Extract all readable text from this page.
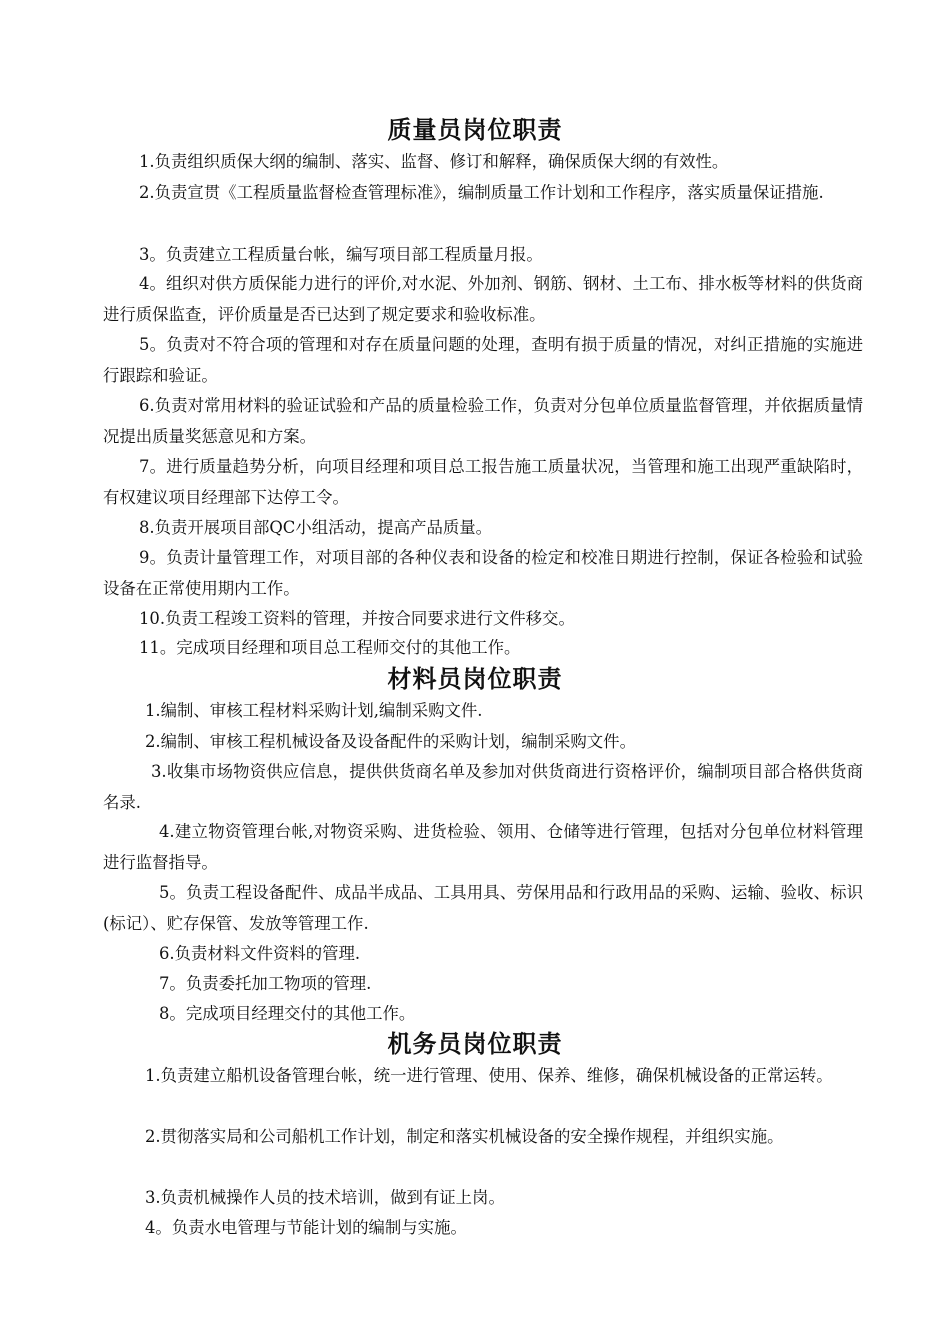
质量员岗位职责

1.负责组织质保大纲的编制、落实、监督、修订和解释，确保质保大纲的有效性。

2.负责宣贯《工程质量监督检查管理标准》，编制质量工作计划和工作程序，落实质量保证措施.

3。负责建立工程质量台帐，编写项目部工程质量月报。

4。组织对供方质保能力进行的评价,对水泥、外加剂、钢筋、钢材、土工布、排水板等材料的供货商进行质保监查，评价质量是否已达到了规定要求和验收标准。

5。负责对不符合项的管理和对存在质量问题的处理，查明有损于质量的情况，对纠正措施的实施进行跟踪和验证。

6.负责对常用材料的验证试验和产品的质量检验工作，负责对分包单位质量监督管理，并依据质量情况提出质量奖惩意见和方案。

7。进行质量趋势分析，向项目经理和项目总工报告施工质量状况，当管理和施工出现严重缺陷时，有权建议项目经理部下达停工令。

8.负责开展项目部QC小组活动，提高产品质量。

9。负责计量管理工作，对项目部的各种仪表和设备的检定和校准日期进行控制，保证各检验和试验设备在正常使用期内工作。

10.负责工程竣工资料的管理，并按合同要求进行文件移交。

11。完成项目经理和项目总工程师交付的其他工作。

材料员岗位职责

1.编制、审核工程材料采购计划,编制采购文件.

2.编制、审核工程机械设备及设备配件的采购计划，编制采购文件。

3.收集市场物资供应信息，提供供货商名单及参加对供货商进行资格评价，编制项目部合格供货商名录.

4.建立物资管理台帐,对物资采购、进货检验、领用、仓储等进行管理，包括对分包单位材料管理进行监督指导。

5。负责工程设备配件、成品半成品、工具用具、劳保用品和行政用品的采购、运输、验收、标识(标记）、贮存保管、发放等管理工作.

6.负责材料文件资料的管理.

7。负责委托加工物项的管理.

8。完成项目经理交付的其他工作。

机务员岗位职责

1.负责建立船机设备管理台帐，统一进行管理、使用、保养、维修，确保机械设备的正常运转。

2.贯彻落实局和公司船机工作计划，制定和落实机械设备的安全操作规程，并组织实施。

3.负责机械操作人员的技术培训，做到有证上岗。

4。负责水电管理与节能计划的编制与实施。
